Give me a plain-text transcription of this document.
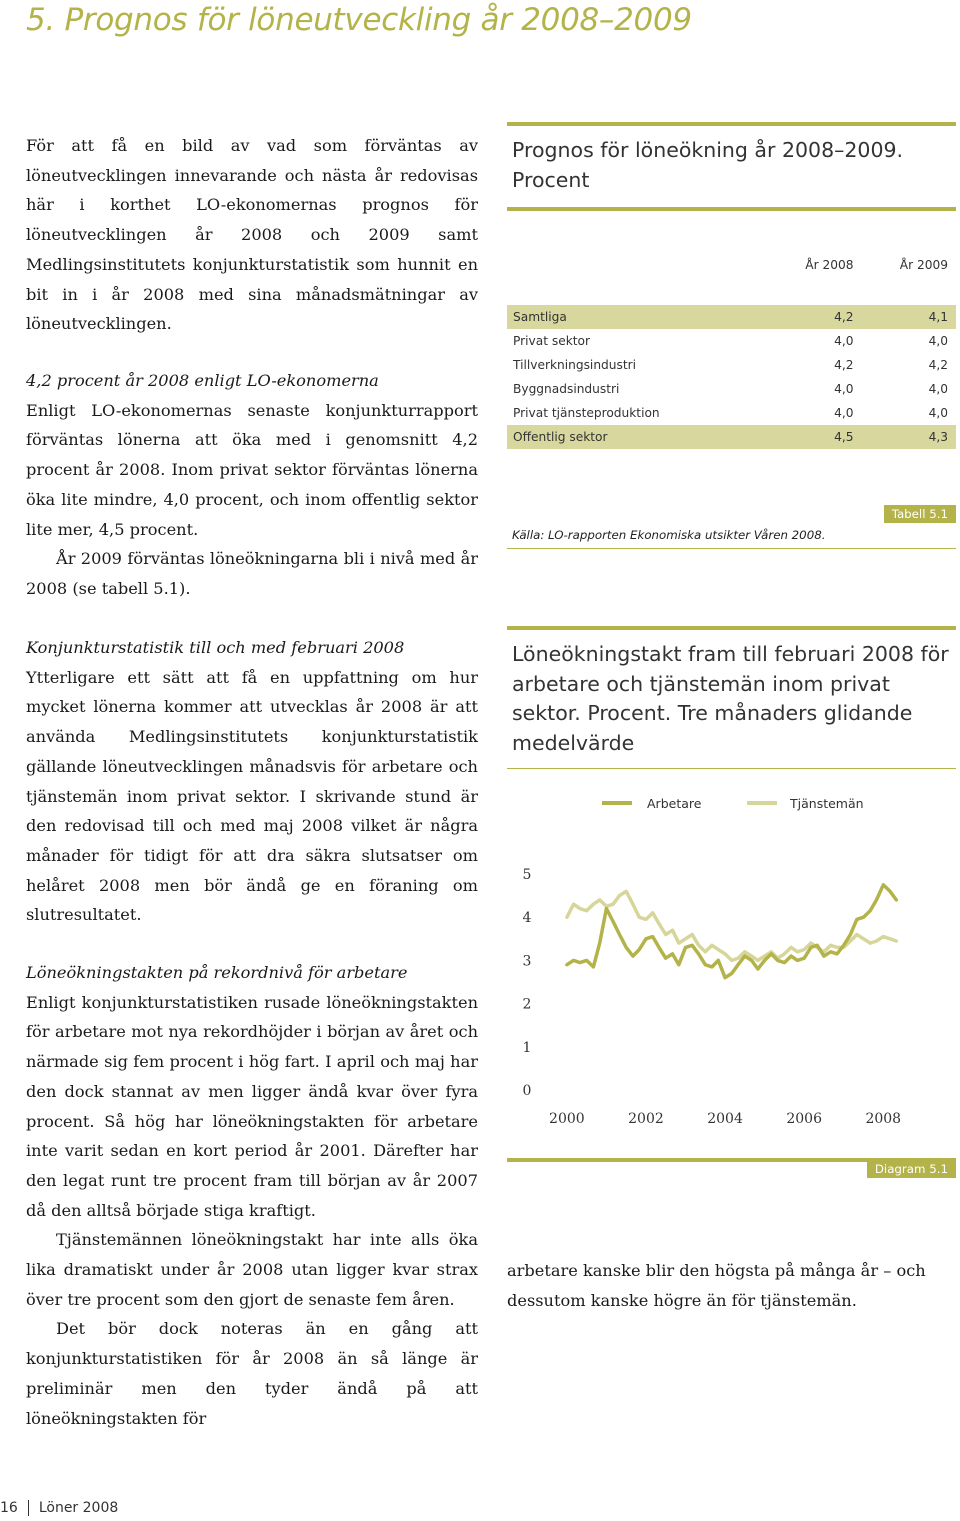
5. Prognos för löneutveckling år 2008–2009

För att få en bild av vad som förväntas av löneutvecklingen innevarande och nästa år redovisas här i korthet LO-ekonomernas prognos för löneutvecklingen år 2008 och 2009 samt Medlingsinstitutets konjunkturstatistik som hunnit en bit in i år 2008 med sina månadsmätningar av löneutvecklingen.

4,2 procent år 2008 enligt LO-ekonomerna

Enligt LO-ekonomernas senaste konjunkturrapport förväntas lönerna att öka med i genomsnitt 4,2 procent år 2008. Inom privat sektor förväntas lönerna öka lite mindre, 4,0 procent, och inom offentlig sektor lite mer, 4,5 procent.

År 2009 förväntas löneökningarna bli i nivå med år 2008 (se tabell 5.1).

Konjunkturstatistik till och med februari 2008

Ytterligare ett sätt att få en uppfattning om hur mycket lönerna kommer att utvecklas år 2008 är att använda Medlingsinstitutets konjunkturstatistik gällande löneutvecklingen månadsvis för arbetare och tjänstemän inom privat sektor. I skrivande stund är den redovisad till och med maj 2008 vilket är några månader för tidigt för att dra säkra slutsatser om helåret 2008 men bör ändå ge en föraning om slutresultatet.

Löneökningstakten på rekordnivå för arbetare

Enligt konjunkturstatistiken rusade löneökningstakten för arbetare mot nya rekordhöjder i början av året och närmade sig fem procent i hög fart. I april och maj har den dock stannat av men ligger ändå kvar över fyra procent. Så hög har löneökningstakten för arbetare inte varit sedan en kort period år 2001. Därefter har den legat runt tre procent fram till början av år 2007 då den alltså började stiga kraftigt.

Tjänstemännen löneökningstakt har inte alls öka lika dramatiskt under år 2008 utan ligger kvar strax över tre procent som den gjort de senaste fem åren.

Det bör dock noteras än en gång att konjunkturstatistiken för år 2008 än så länge är preliminär men den tyder ändå på att löneökningstakten för

Prognos för löneökning år 2008–2009. Procent
År 2008	År 2009
Samtliga	4,2	4,1
Privat sektor	4,0	4,0
Tillverkningsindustri	4,2	4,2
Byggnadsindustri	4,0	4,0
Privat tjänsteproduktion	4,0	4,0
Offentlig sektor	4,5	4,3
Tabell 5.1
Källa: LO-rapporten Ekonomiska utsikter Våren 2008.
Löneökningstakt fram till februari 2008 för arbetare och tjänstemän inom privat sektor. Procent. Tre månaders glidande medelvärde
Arbetare	Tjänstemän
0
1
2
3
4
5
2000	2002	2004	2006	2008
Diagram 5.1
arbetare kanske blir den högsta på många år – och dessutom kanske högre än för tjänstemän.
16 Löner 2008
